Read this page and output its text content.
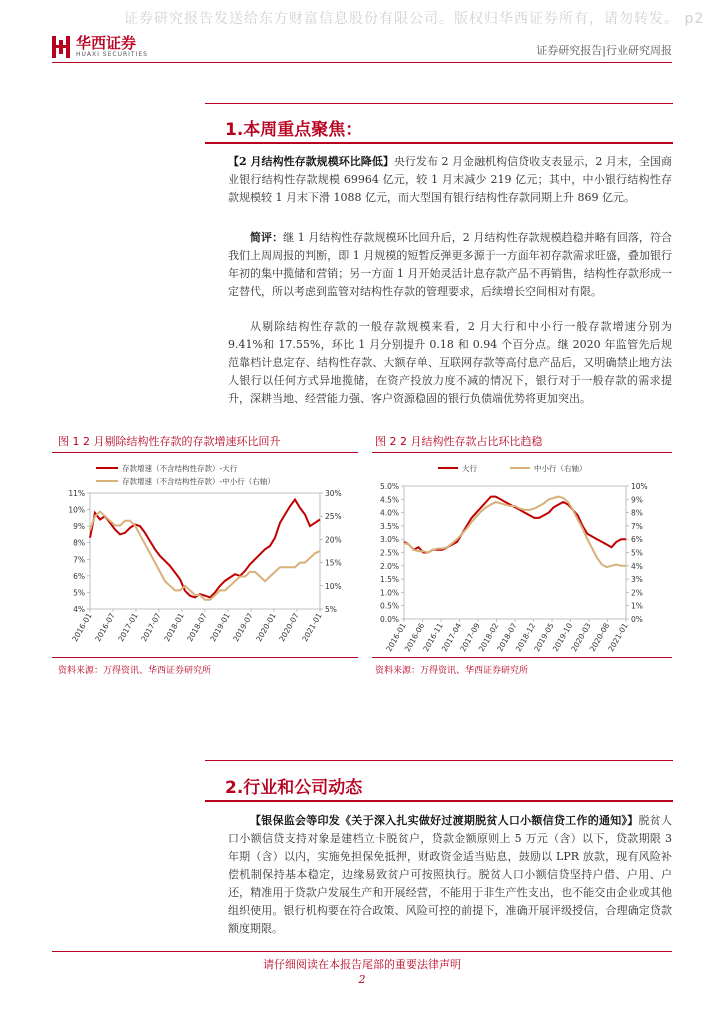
证券研究报告发送给东方财富信息股份有限公司。版权归华西证券所有，请勿转发。 p2
华西证券
HUAXI SECURITIES	证券研究报告|行业研究周报
1.本周重点聚焦：
【2 月结构性存款规模环比降低】央行发布 2 月金融机构信贷收支表显示，2 月末，全国商业银行结构性存款规模 69964 亿元，较 1 月末减少 219 亿元；其中，中小银行结构性存款规模较 1 月末下滑 1088 亿元，而大型国有银行结构性存款同期上升 869 亿元。
简评：继 1 月结构性存款规模环比回升后，2 月结构性存款规模趋稳并略有回落，符合我们上周周报的判断，即 1 月规模的短暂反弹更多源于一方面年初存款需求旺盛，叠加银行年初的集中揽储和营销；另一方面 1 月开始灵活计息存款产品不再销售，结构性存款形成一定替代，所以考虑到监管对结构性存款的管理要求，后续增长空间相对有限。
从剔除结构性存款的一般存款规模来看，2 月大行和中小行一般存款增速分别为 9.41%和 17.55%，环比 1 月分别提升 0.18 和 0.94 个百分点。继 2020 年监管先后规范靠档计息定存、结构性存款、大额存单、互联网存款等高付息产品后，又明确禁止地方法人银行以任何方式异地揽储，在资产投放力度不减的情况下，银行对于一般存款的需求提升，深耕当地、经营能力强、客户资源稳固的银行负债端优势将更加突出。
图 1 2 月剔除结构性存款的存款增速环比回升	图 2 2 月结构性存款占比环比趋稳
存款增速（不含结构性存款）-大行
存款增速（不含结构性存款）-中小行（右轴）
11%
10%
9%
8%
7%
6%
5%
4%
30%
25%
20%
15%
10%
5%
2016-01 2016-07 2017-01 2017-07 2018-01 2018-07 2019-01 2019-07 2020-01 2020-07 2021-01
大行	中小行（右轴）
5.0%
4.5%
4.0%
3.5%
3.0%
2.5%
2.0%
1.5%
1.0%
0.5%
0.0%
10%
9%
8%
7%
6%
5%
4%
3%
2%
1%
0%
2016-01
2016-06
2016-11
2017-04
2017-09
2018-02
2018-07
2018-12
2019-05
2019-10
2020-03
2020-08
2021-01
资料来源：万得资讯、华西证券研究所	资料来源：万得资讯、华西证券研究所
2.行业和公司动态
【银保监会等印发《关于深入扎实做好过渡期脱贫人口小额信贷工作的通知》】脱贫人口小额信贷支持对象是建档立卡脱贫户，贷款金额原则上 5 万元（含）以下，贷款期限 3 年期（含）以内，实施免担保免抵押，财政资金适当贴息，鼓励以 LPR 放款，现有风险补偿机制保持基本稳定，边缘易致贫户可按照执行。脱贫人口小额信贷坚持户借、户用、户还，精准用于贷款户发展生产和开展经营，不能用于非生产性支出，也不能交由企业或其他组织使用。银行机构要在符合政策、风险可控的前提下，准确开展评级授信，合理确定贷款额度期限。
请仔细阅读在本报告尾部的重要法律声明
2
